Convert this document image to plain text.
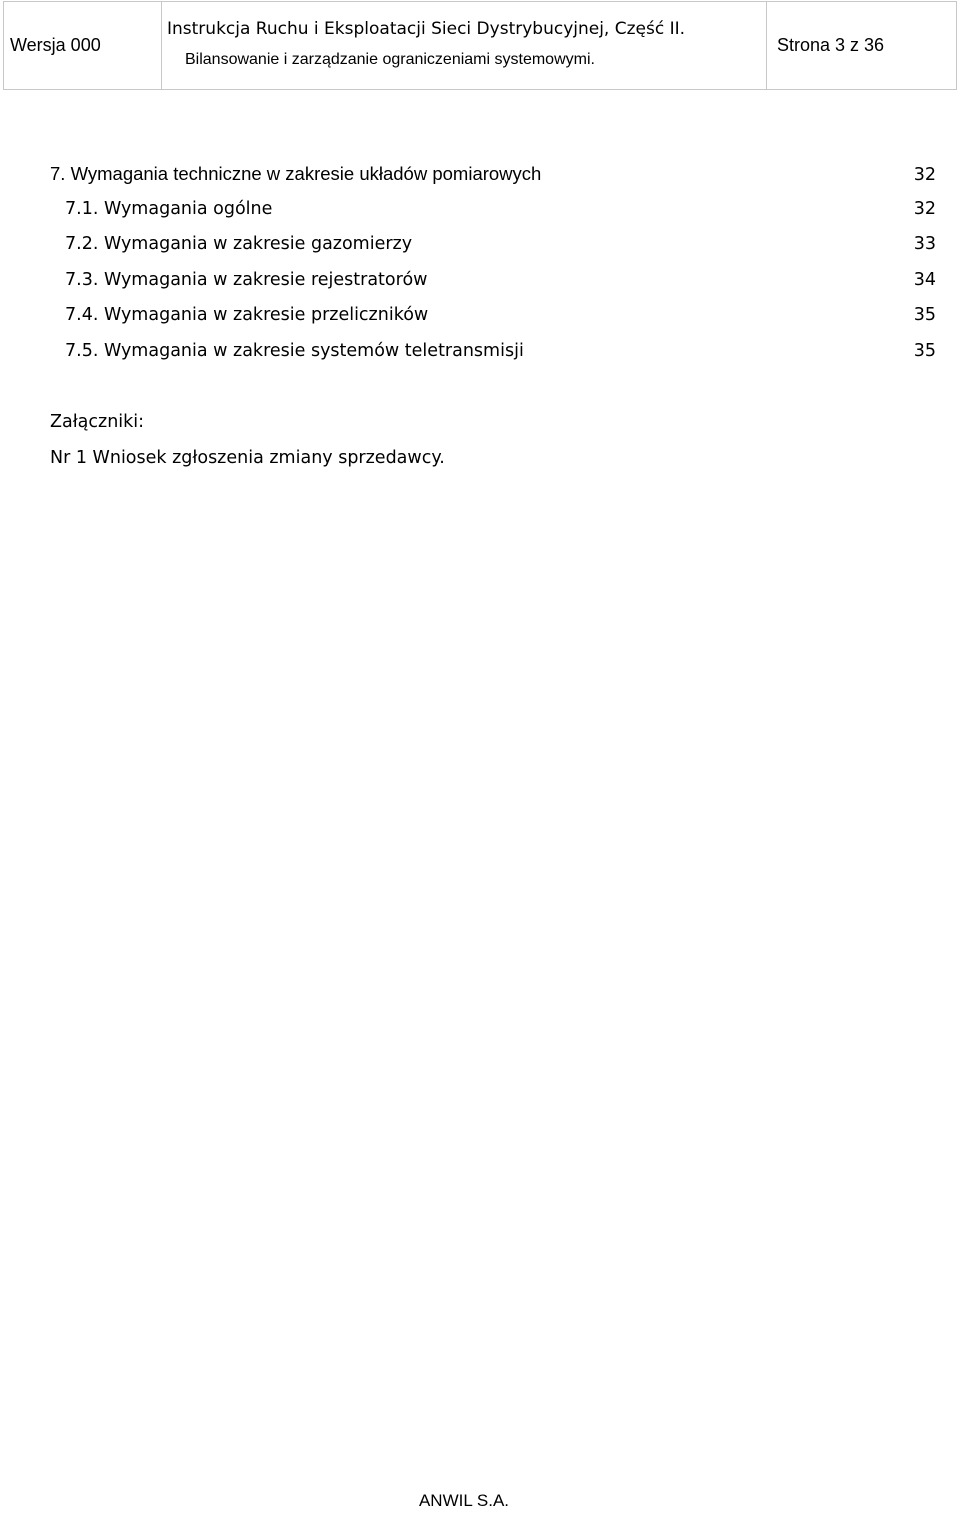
Wersja 000
Instrukcja Ruchu i Eksploatacji Sieci Dystrybucyjnej, Część II.
Bilansowanie i zarządzanie ograniczeniami systemowymi.
Strona 3 z 36
7. Wymagania techniczne w zakresie układów pomiarowych	32
7.1. Wymagania ogólne	32
7.2. Wymagania w zakresie gazomierzy	33
7.3. Wymagania w zakresie rejestratorów	34
7.4. Wymagania w zakresie przeliczników	35
7.5. Wymagania w zakresie systemów teletransmisji	35
Załączniki:
Nr 1 Wniosek zgłoszenia zmiany sprzedawcy.
ANWIL S.A.
